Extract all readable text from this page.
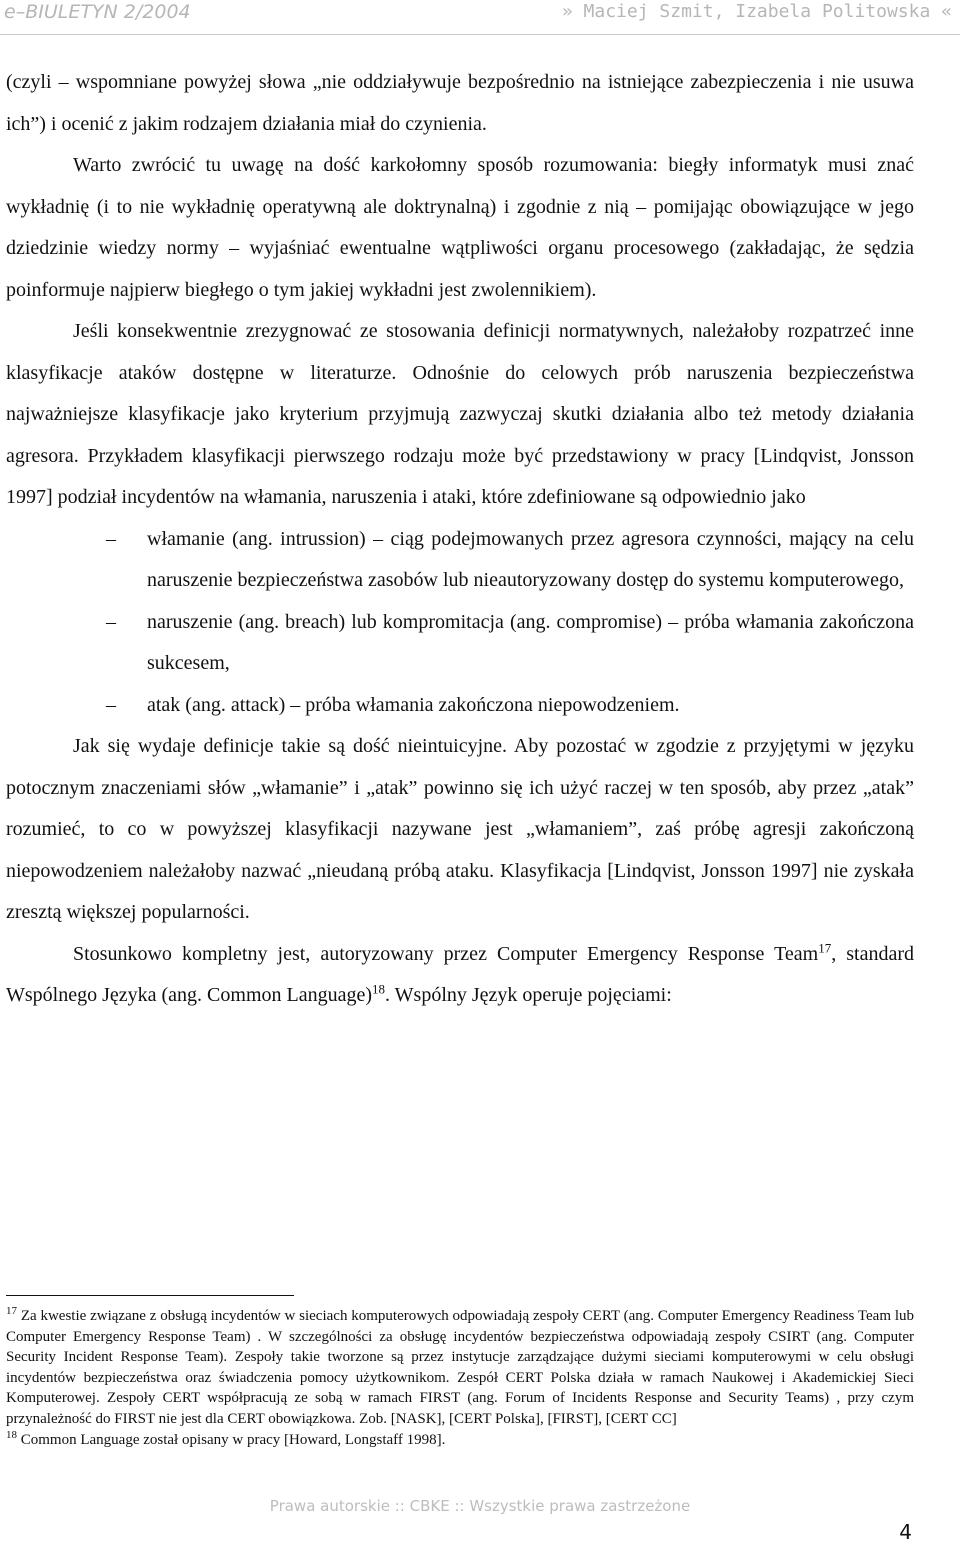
e–BIULETYN 2/2004	» Maciej Szmit, Izabela Politowska «

(czyli – wspomniane powyżej słowa „nie oddziaływuje bezpośrednio na istniejące zabezpieczenia i nie usuwa ich”) i ocenić z jakim rodzajem działania miał do czynienia.

Warto zwrócić tu uwagę na dość karkołomny sposób rozumowania: biegły informatyk musi znać wykładnię (i to nie wykładnię operatywną ale doktrynalną) i zgodnie z nią – pomijając obowiązujące w jego dziedzinie wiedzy normy – wyjaśniać ewentualne wątpliwości organu procesowego (zakładając, że sędzia poinformuje najpierw biegłego o tym jakiej wykładni jest zwolennikiem).

Jeśli konsekwentnie zrezygnować ze stosowania definicji normatywnych, należałoby rozpatrzeć inne klasyfikacje ataków dostępne w literaturze. Odnośnie do celowych prób naruszenia bezpieczeństwa najważniejsze klasyfikacje jako kryterium przyjmują zazwyczaj skutki działania albo też metody działania agresora. Przykładem klasyfikacji pierwszego rodzaju może być przedstawiony w pracy [Lindqvist, Jonsson 1997] podział incydentów na włamania, naruszenia i ataki, które zdefiniowane są odpowiednio jako

–	włamanie (ang. intrussion) – ciąg podejmowanych przez agresora czynności, mający na celu naruszenie bezpieczeństwa zasobów lub nieautoryzowany dostęp do systemu komputerowego,
–	naruszenie (ang. breach) lub kompromitacja (ang. compromise) – próba włamania zakończona sukcesem,
–	atak (ang. attack) – próba włamania zakończona niepowodzeniem.

Jak się wydaje definicje takie są dość nieintuicyjne. Aby pozostać w zgodzie z przyjętymi w języku potocznym znaczeniami słów „włamanie” i „atak” powinno się ich użyć raczej w ten sposób, aby przez „atak” rozumieć, to co w powyższej klasyfikacji nazywane jest „włamaniem”, zaś próbę agresji zakończoną niepowodzeniem należałoby nazwać „nieudaną próbą ataku. Klasyfikacja [Lindqvist, Jonsson 1997] nie zyskała zresztą większej popularności.

Stosunkowo kompletny jest, autoryzowany przez Computer Emergency Response Team$^{17}$, standard Wspólnego Języka (ang. Common Language)$^{18}$. Wspólny Język operuje pojęciami:

$^{17}$ Za kwestie związane z obsługą incydentów w sieciach komputerowych odpowiadają zespoły CERT (ang. Computer Emergency Readiness Team lub Computer Emergency Response Team) . W szczególności za obsługę incydentów bezpieczeństwa odpowiadają zespoły CSIRT (ang. Computer Security Incident Response Team). Zespoły takie tworzone są przez instytucje zarządzające dużymi sieciami komputerowymi w celu obsługi incydentów bezpieczeństwa oraz świadczenia pomocy użytkownikom. Zespół CERT Polska działa w ramach Naukowej i Akademickiej Sieci Komputerowej. Zespoły CERT współpracują ze sobą w ramach FIRST (ang. Forum of Incidents Response and Security Teams) , przy czym przynależność do FIRST nie jest dla CERT obowiązkowa. Zob. [NASK], [CERT Polska], [FIRST], [CERT CC]

$^{18}$ Common Language został opisany w pracy [Howard, Longstaff 1998].

Prawa autorskie :: CBKE :: Wszystkie prawa zastrzeżone
4
